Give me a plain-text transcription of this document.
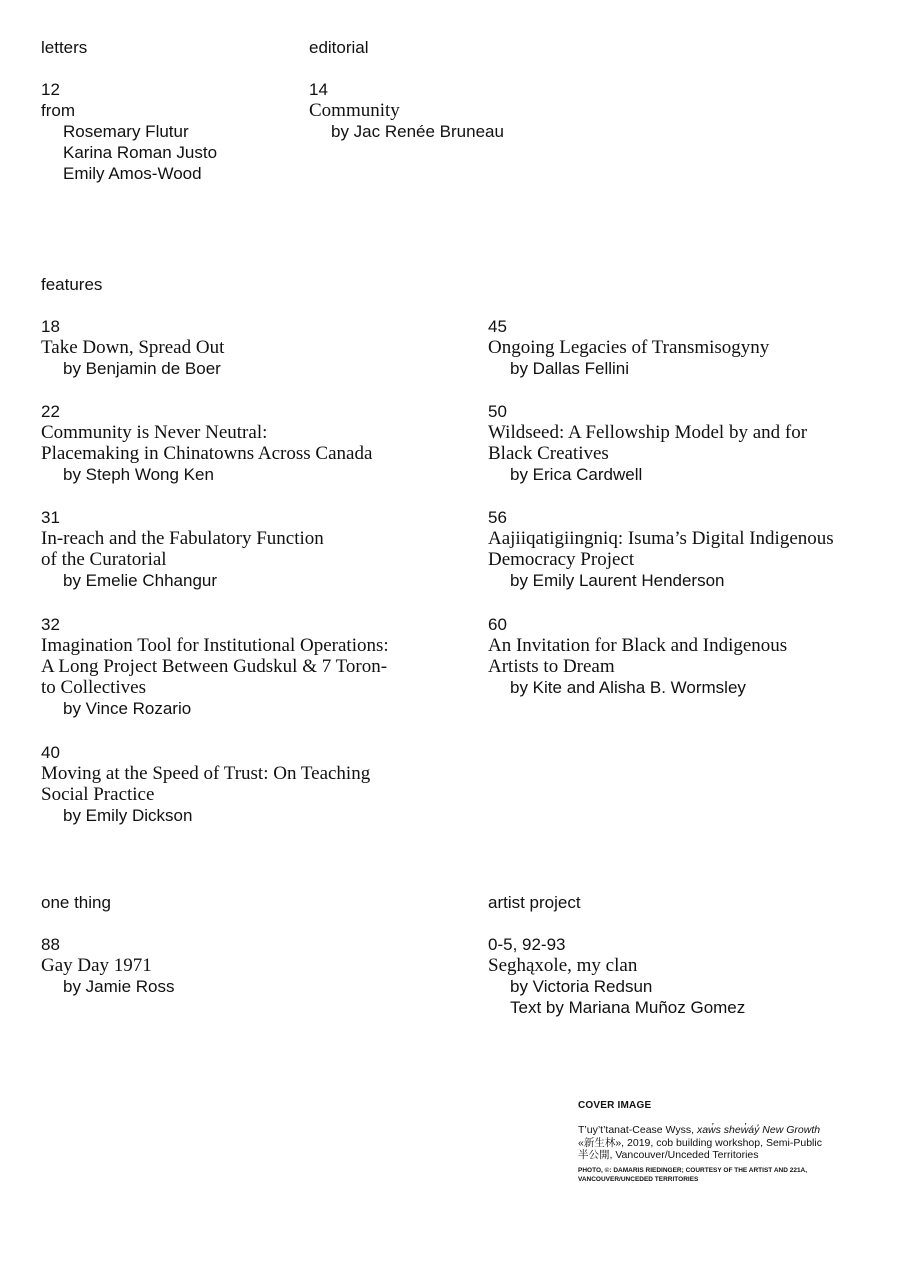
letters	editorial
features
one thing	artist project
12
from
Rosemary Flutur
Karina Roman Justo
Emily Amos-Wood
14
Community
by Jac Renée Bruneau
18
Take Down, Spread Out
by Benjamin de Boer
22
Community is Never Neutral:
Placemaking in Chinatowns Across Canada
by Steph Wong Ken
31
In-reach and the Fabulatory Function
of the Curatorial
by Emelie Chhangur
32
Imagination Tool for Institutional Operations:
A Long Project Between Gudskul & 7 Toron-
to Collectives
by Vince Rozario
40
Moving at the Speed of Trust: On Teaching
Social Practice
by Emily Dickson
45
Ongoing Legacies of Transmisogyny
by Dallas Fellini
50
Wildseed: A Fellowship Model by and for
Black Creatives
by Erica Cardwell
56
Aajiiqatigiingniq: Isuma’s Digital Indigenous
Democracy Project
by Emily Laurent Henderson
60
An Invitation for Black and Indigenous
Artists to Dream
by Kite and Alisha B. Wormsley
88
Gay Day 1971
by Jamie Ross
0-5, 92-93
Seghąxole, my clan
by Victoria Redsun
Text by Mariana Muñoz Gomez
COVER IMAGE
T’uy’t’tanat-Cease Wyss, xaw̓s shew̓áy̓ New Growth
«新生林», 2019, cob building workshop, Semi-Public
半公開, Vancouver/Unceded Territories
PHOTO, ©: DAMARIS RIEDINGER; COURTESY OF THE ARTIST AND 221A,
VANCOUVER/UNCEDED TERRITORIES
